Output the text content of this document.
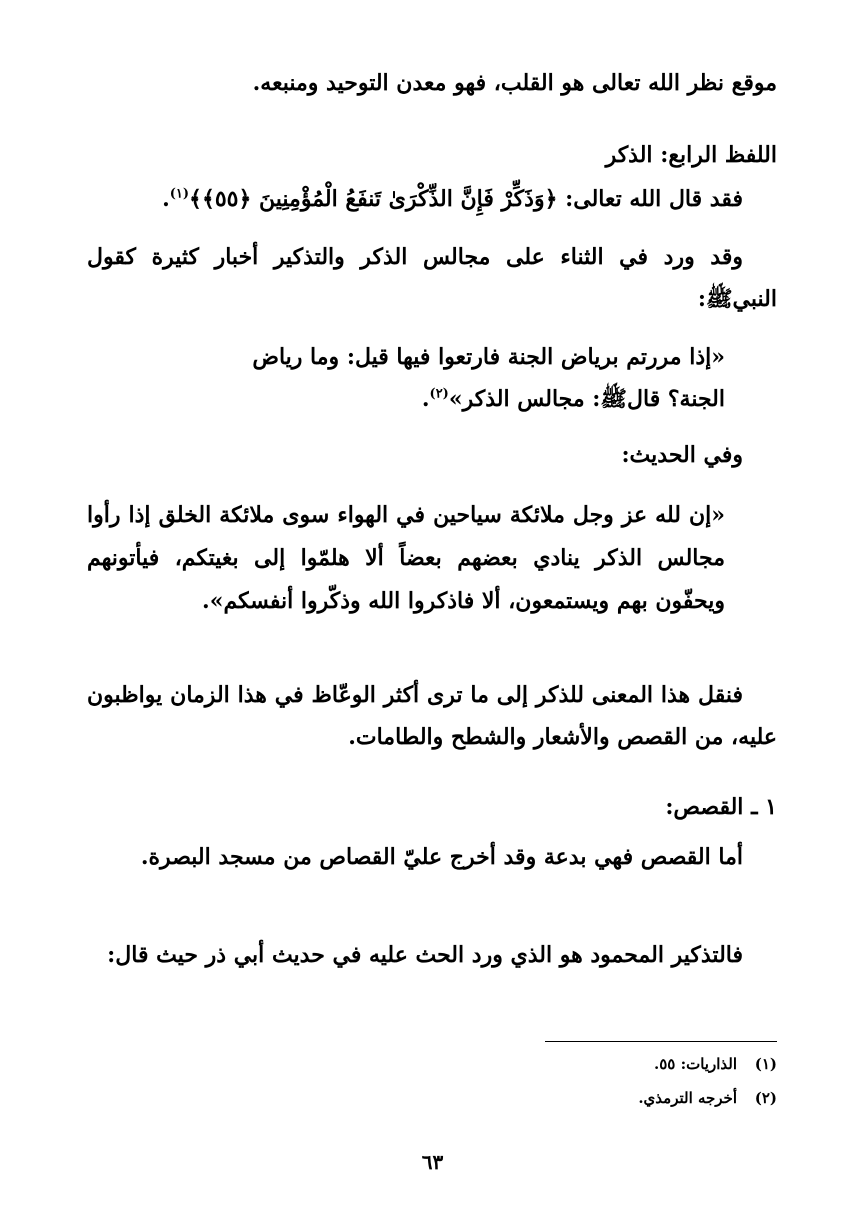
موقع نظر الله تعالى هو القلب، فهو معدن التوحيد ومنبعه.
اللفظ الرابع: الذكر
فقد قال الله تعالى: ﴿وَذَكِّرْ فَإِنَّ الذِّكْرَىٰ تَنفَعُ الْمُؤْمِنِينَ ﴿٥٥﴾﴾$^{(١)}$.
وقد ورد في الثناء على مجالس الذكر والتذكير أخبار كثيرة كقول النبيﷺ:
«إذا مررتم برياض الجنة فارتعوا فيها قيل: وما رياض
الجنة؟ قالﷺ: مجالس الذكر»$^{(٢)}$.
وفي الحديث:
«إن لله عز وجل ملائكة سياحين في الهواء سوى ملائكة الخلق إذا رأوا مجالس الذكر ينادي بعضهم بعضاً ألا هلمّوا إلى بغيتكم، فيأتونهم ويحفّون بهم ويستمعون، ألا فاذكروا الله وذكّروا أنفسكم».
فنقل هذا المعنى للذكر إلى ما ترى أكثر الوعّاظ في هذا الزمان يواظبون عليه، من القصص والأشعار والشطح والطامات.
١ ـ القصص:
أما القصص فهي بدعة وقد أخرج عليّ القصاص من مسجد البصرة.
فالتذكير المحمود هو الذي ورد الحث عليه في حديث أبي ذر حيث قال:
(١)الذاريات: ٥٥.
(٢)أخرجه الترمذي.
٦٣
